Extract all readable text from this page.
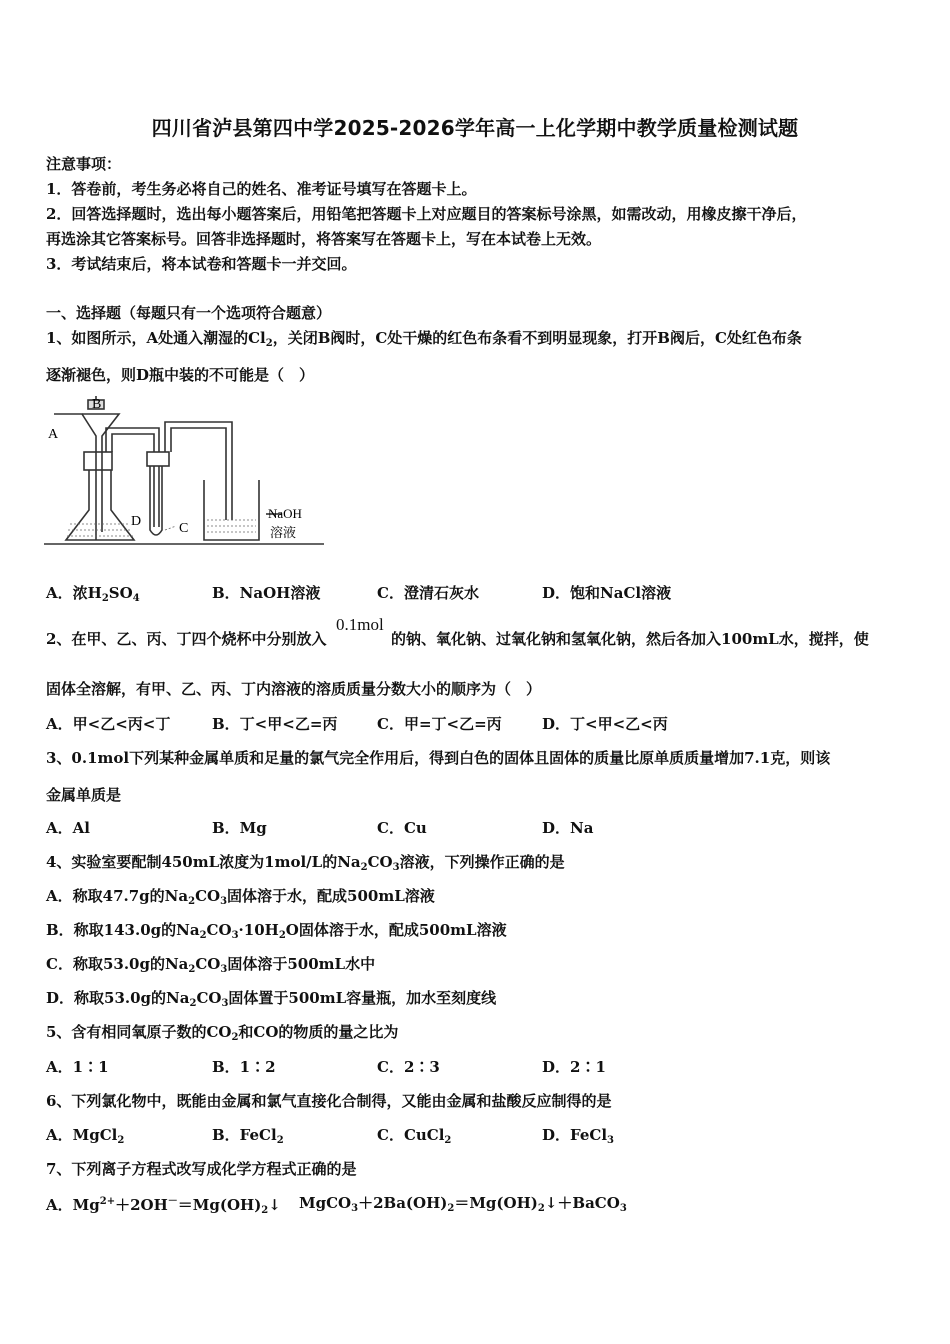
四川省泸县第四中学2025-2026学年高一上化学期中教学质量检测试题
注意事项：
1．答卷前，考生务必将自己的姓名、准考证号填写在答题卡上。
2．回答选择题时，选出每小题答案后，用铅笔把答题卡上对应题目的答案标号涂黑，如需改动，用橡皮擦干净后，
再选涂其它答案标号。回答非选择题时，将答案写在答题卡上，写在本试卷上无效。
3．考试结束后，将本试卷和答题卡一并交回。
一、选择题（每题只有一个选项符合题意）
1、如图所示，A处通入潮湿的$Cl_2$，关闭B阀时，C处干燥的红色布条看不到明显现象，打开B阀后，C处红色布条
逐渐褪色，则D瓶中装的不可能是（　）
A
B
C
D
NaOH
溶液
A．浓$H_2SO_4$	B．NaOH溶液	C．澄清石灰水	D．饱和NaCl溶液
2、在甲、乙、丙、丁四个烧杯中分别放入
0.1mol
的钠、氧化钠、过氧化钠和氢氧化钠，然后各加入100mL水，搅拌，使
固体全溶解，有甲、乙、丙、丁内溶液的溶质质量分数大小的顺序为（　）
A．甲<乙<丙<丁	B．丁<甲<乙=丙	C．甲=丁<乙=丙	D．丁<甲<乙<丙
3、0.1mol下列某种金属单质和足量的氯气完全作用后，得到白色的固体且固体的质量比原单质质量增加7.1克，则该
金属单质是
A．Al	B．Mg	C．Cu	D．Na
4、实验室要配制450mL浓度为1mol/L的$Na_2CO_3$溶液，下列操作正确的是
A．称取47.7g的$Na_2CO_3$固体溶于水，配成500mL溶液
B．称取143.0g的$Na_2CO_3\cdot 10H_2O$固体溶于水，配成500mL溶液
C．称取53.0g的$Na_2CO_3$固体溶于500mL水中
D．称取53.0g的$Na_2CO_3$固体置于500mL容量瓶，加水至刻度线
5、含有相同氧原子数的$CO_2$和CO的物质的量之比为
A．1∶1	B．1∶2	C．2∶3	D．2∶1
6、下列氯化物中，既能由金属和氯气直接化合制得，又能由金属和盐酸反应制得的是
A．MgCl$_2$	B．FeCl$_2$	C．CuCl$_2$	D．FeCl$_3$
7、下列离子方程式改写成化学方程式正确的是
A．$Mg^{2+}+2OH^-=Mg(OH)_2↓$ $MgCO_3+2Ba(OH)_2=Mg(OH)_2↓+BaCO_3$
